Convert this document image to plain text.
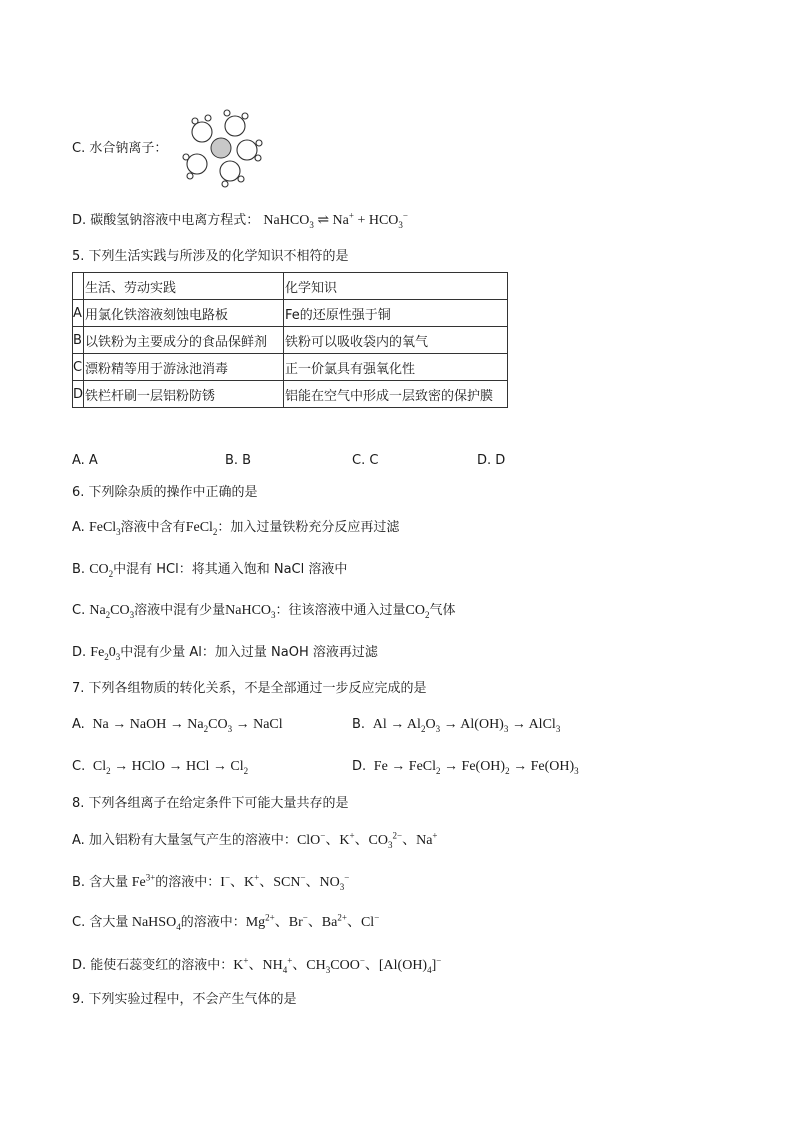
C. 水合钠离子：
D. 碳酸氢钠溶液中电离方程式： NaHCO$_3$ ⇌ $Na^+ + HCO_3^-$
5. 下列生活实践与所涉及的化学知识不相符的是
	生活、劳动实践	化学知识
A	用氯化铁溶液刻蚀电路板	Fe的还原性强于铜
B	以铁粉为主要成分的食品保鲜剂	铁粉可以吸收袋内的氧气
C	漂粉精等用于游泳池消毒	正一价氯具有强氧化性
D	铁栏杆刷一层铝粉防锈	铝能在空气中形成一层致密的保护膜
A. A	B. B	C. C	D. D
6. 下列除杂质的操作中正确的是
A. FeCl$_3$溶液中含有FeCl$_2$：加入过量铁粉充分反应再过滤
B. $CO_2$中混有 HCl：将其通入饱和 NaCl 溶液中
C. $Na_2CO_3$溶液中混有少量NaHCO$_3$：往该溶液中通入过量$CO_2$气体
D. $Fe_20_3$中混有少量 Al：加入过量 NaOH 溶液再过滤
7. 下列各组物质的转化关系，不是全部通过一步反应完成的是
A.  Na → NaOH → $Na_2CO_3$ → NaCl	B.  $Al \to Al_2O_3 \to Al(OH)_3$ → AlCl$_3$
C.  $Cl_2$ → HClO → HCl → $Cl_2$	D.  Fe → FeCl$_2$ → $Fe(OH)_2 \to Fe(OH)_3$
8. 下列各组离子在给定条件下可能大量共存的是
A. 加入铝粉有大量氢气产生的溶液中：ClO−、K+、$CO_3^{2-}$、Na+
B. 含大量 $Fe^{3+}$的溶液中：I−、K+、SCN−、$NO_3^-$
C. 含大量 NaHSO$_4$的溶液中：$Mg^{2+}$、Br−、$Ba^{2+}$、Cl−
D. 能使石蕊变红的溶液中：K+、$NH_4^+$、$CH_3COO^-$、$[Al(OH)_4]^-$
9. 下列实验过程中，不会产生气体的是
